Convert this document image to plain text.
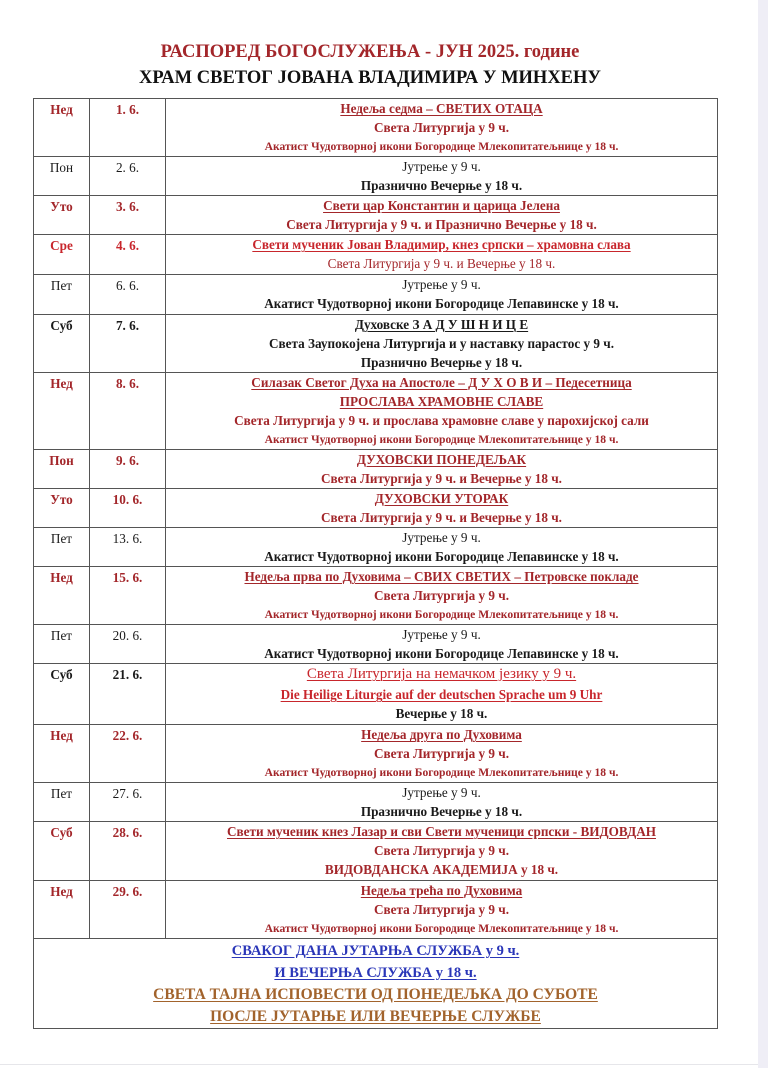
РАСПОРЕД БОГОСЛУЖЕЊА - ЈУН 2025. године
ХРАМ СВЕТОГ ЈОВАНА ВЛАДИМИРА У МИНХЕНУ
Нед	1. 6.	Недеља седма – СВЕТИХ ОТАЦА
Света Литургија у 9 ч.
Акатист Чудотворној икони Богородице Млекопитатељнице у 18 ч.

Пон	2. 6.	Јутрење у 9 ч.
Празнично Вечерње у 18 ч.

Уто	3. 6.	Свети цар Константин и царица Јелена
Света Литургија у 9 ч. и Празнично Вечерње у 18 ч.

Сре	4. 6.	Свети мученик Јован Владимир, кнез српски – храмовна слава
Света Литургија у 9 ч. и Вечерње у 18 ч.

Пет	6. 6.	Јутрење у 9 ч.
Акатист Чудотворној икони Богородице Лепавинске у 18 ч.

Суб	7. 6.	Духовске З А Д У Ш Н И Ц Е
Света Заупокојена Литургија и у наставку парастос у 9 ч.
Празнично Вечерње у 18 ч.

Нед	8. 6.	Силазак Светог Духа на Апостоле – Д У Х О В И – Педесетница
ПРОСЛАВА ХРАМОВНЕ СЛАВЕ
Света Литургија у 9 ч. и прослава храмовне славе у парохијској сали
Акатист Чудотворној икони Богородице Млекопитатељнице у 18 ч.

Пон	9. 6.	ДУХОВСКИ ПОНЕДЕЉАК
Света Литургија у 9 ч. и Вечерње у 18 ч.

Уто	10. 6.	ДУХОВСКИ УТОРАК
Света Литургија у 9 ч. и Вечерње у 18 ч.

Пет	13. 6.	Јутрење у 9 ч.
Акатист Чудотворној икони Богородице Лепавинске у 18 ч.

Нед	15. 6.	Недеља прва по Духовима – СВИХ СВЕТИХ – Петровске покладе
Света Литургија у 9 ч.
Акатист Чудотворној икони Богородице Млекопитатељнице у 18 ч.

Пет	20. 6.	Јутрење у 9 ч.
Акатист Чудотворној икони Богородице Лепавинске у 18 ч.

Суб	21. 6.	Света Литургија на немачком језику у 9 ч.
Die Heilige Liturgie auf der deutschen Sprache um 9 Uhr
Вечерње у 18 ч.

Нед	22. 6.	Недеља друга по Духовима
Света Литургија у 9 ч.
Акатист Чудотворној икони Богородице Млекопитатељнице у 18 ч.

Пет	27. 6.	Јутрење у 9 ч.
Празнично Вечерње у 18 ч.

Суб	28. 6.	Свети мученик кнез Лазар и сви Свети мученици српски - ВИДОВДАН
Света Литургија у 9 ч.
ВИДОВДАНСКА АКАДЕМИЈА у 18 ч.

Нед	29. 6.	Недеља трећа по Духовима
Света Литургија у 9 ч.
Акатист Чудотворној икони Богородице Млекопитатељнице у 18 ч.

СВАКОГ ДАНА ЈУТАРЊА СЛУЖБА у 9 ч.
И ВЕЧЕРЊА СЛУЖБА у 18 ч.
СВЕТА ТАЈНА ИСПОВЕСТИ ОД ПОНЕДЕЉКА ДО СУБОТЕ
ПОСЛЕ ЈУТАРЊЕ ИЛИ ВЕЧЕРЊЕ СЛУЖБЕ		
